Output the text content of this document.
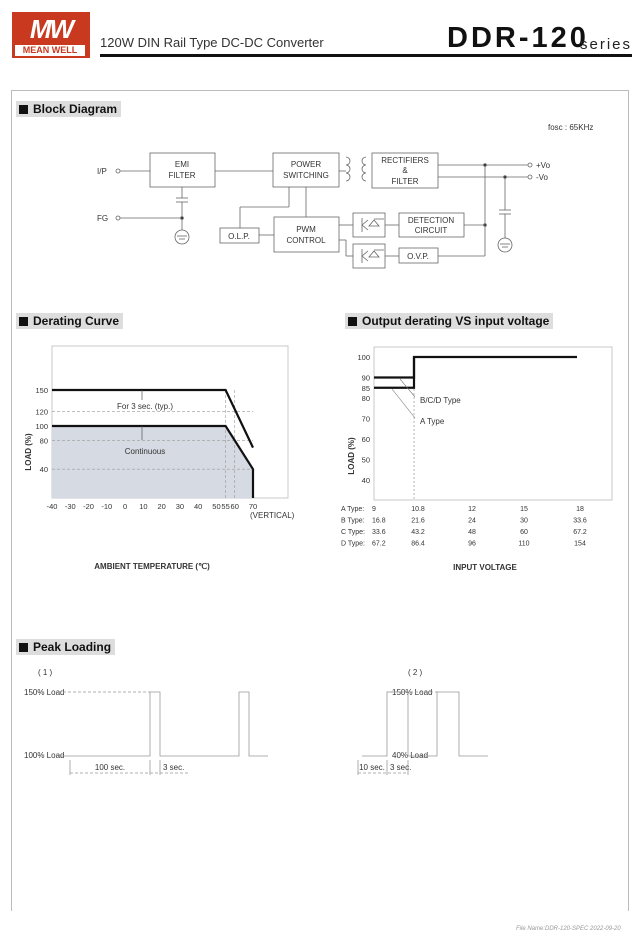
MW
MEAN WELL	120W DIN Rail Type DC-DC Converter	DDR-120
series
Block Diagram
Derating Curve	Output derating VS input voltage
Peak Loading
fosc : 65KHz
I/P
FG
EMI
FILTER
POWER
SWITCHING
RECTIFIERS
&
FILTER
+Vo
-Vo
O.L.P.
PWM
CONTROL
DETECTION
CIRCUIT
O.V.P.
For 3 sec. (typ.)
Continuous
-40 -30 -20 -10 0 10 20 30 40 50 55 60 70
150
120
100
80
40
(VERTICAL)
AMBIENT TEMPERATURE (℃)
LOAD (%)
B/C/D Type
A Type
100
90
85
80
70
60
50
40
A Type: 9	10.8	12	15	18
B Type: 16.8	21.6	24	30	33.6
C Type: 33.6	43.2	48	60	67.2
D Type: 67.2	86.4	96	110	154
INPUT VOLTAGE
LOAD (%)
( 1 )
150% Load
100% Load
100 sec.	3 sec.
( 2 )
150% Load
40% Load
10 sec. 3 sec.
File Name:DDR-120-SPEC 2022-09-20
